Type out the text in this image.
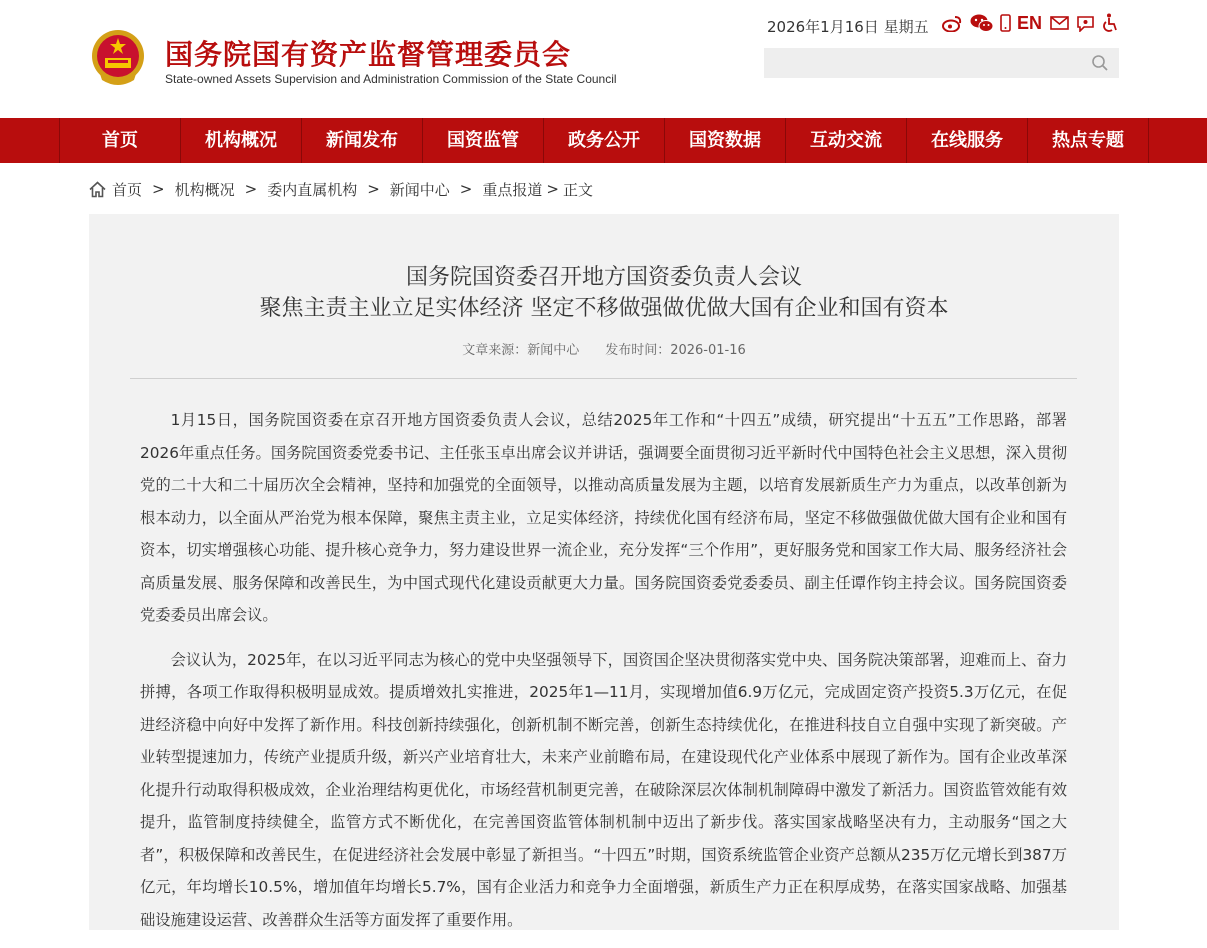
国务院国有资产监督管理委员会
State-owned Assets Supervision and Administration Commission of the State Council
2026年1月16日 星期五	EN
首页	机构概况	新闻发布	国资监管	政务公开	国资数据	互动交流	在线服务	热点专题
首页 > 机构概况 > 委内直属机构 > 新闻中心 > 重点报道 > 正文
国务院国资委召开地方国资委负责人会议
聚焦主责主业立足实体经济 坚定不移做强做优做大国有企业和国有资本
文章来源：新闻中心 发布时间：2026-01-16

1月15日，国务院国资委在京召开地方国资委负责人会议，总结2025年工作和“十四五”成绩，研究提出“十五五”工作思路，部署2026年重点任务。国务院国资委党委书记、主任张玉卓出席会议并讲话，强调要全面贯彻习近平新时代中国特色社会主义思想，深入贯彻党的二十大和二十届历次全会精神，坚持和加强党的全面领导，以推动高质量发展为主题，以培育发展新质生产力为重点，以改革创新为根本动力，以全面从严治党为根本保障，聚焦主责主业，立足实体经济，持续优化国有经济布局，坚定不移做强做优做大国有企业和国有资本，切实增强核心功能、提升核心竞争力，努力建设世界一流企业，充分发挥“三个作用”，更好服务党和国家工作大局、服务经济社会高质量发展、服务保障和改善民生，为中国式现代化建设贡献更大力量。国务院国资委党委委员、副主任谭作钧主持会议。国务院国资委党委委员出席会议。

会议认为，2025年，在以习近平同志为核心的党中央坚强领导下，国资国企坚决贯彻落实党中央、国务院决策部署，迎难而上、奋力拼搏，各项工作取得积极明显成效。提质增效扎实推进，2025年1—11月，实现增加值6.9万亿元，完成固定资产投资5.3万亿元，在促进经济稳中向好中发挥了新作用。科技创新持续强化，创新机制不断完善，创新生态持续优化，在推进科技自立自强中实现了新突破。产业转型提速加力，传统产业提质升级，新兴产业培育壮大，未来产业前瞻布局，在建设现代化产业体系中展现了新作为。国有企业改革深化提升行动取得积极成效，企业治理结构更优化，市场经营机制更完善，在破除深层次体制机制障碍中激发了新活力。国资监管效能有效提升，监管制度持续健全，监管方式不断优化，在完善国资监管体制机制中迈出了新步伐。落实国家战略坚决有力，主动服务“国之大者”，积极保障和改善民生，在促进经济社会发展中彰显了新担当。“十四五”时期，国资系统监管企业资产总额从235万亿元增长到387万亿元，年均增长10.5%，增加值年均增长5.7%，国有企业活力和竞争力全面增强，新质生产力正在积厚成势，在落实国家战略、加强基础设施建设运营、改善群众生活等方面发挥了重要作用。
